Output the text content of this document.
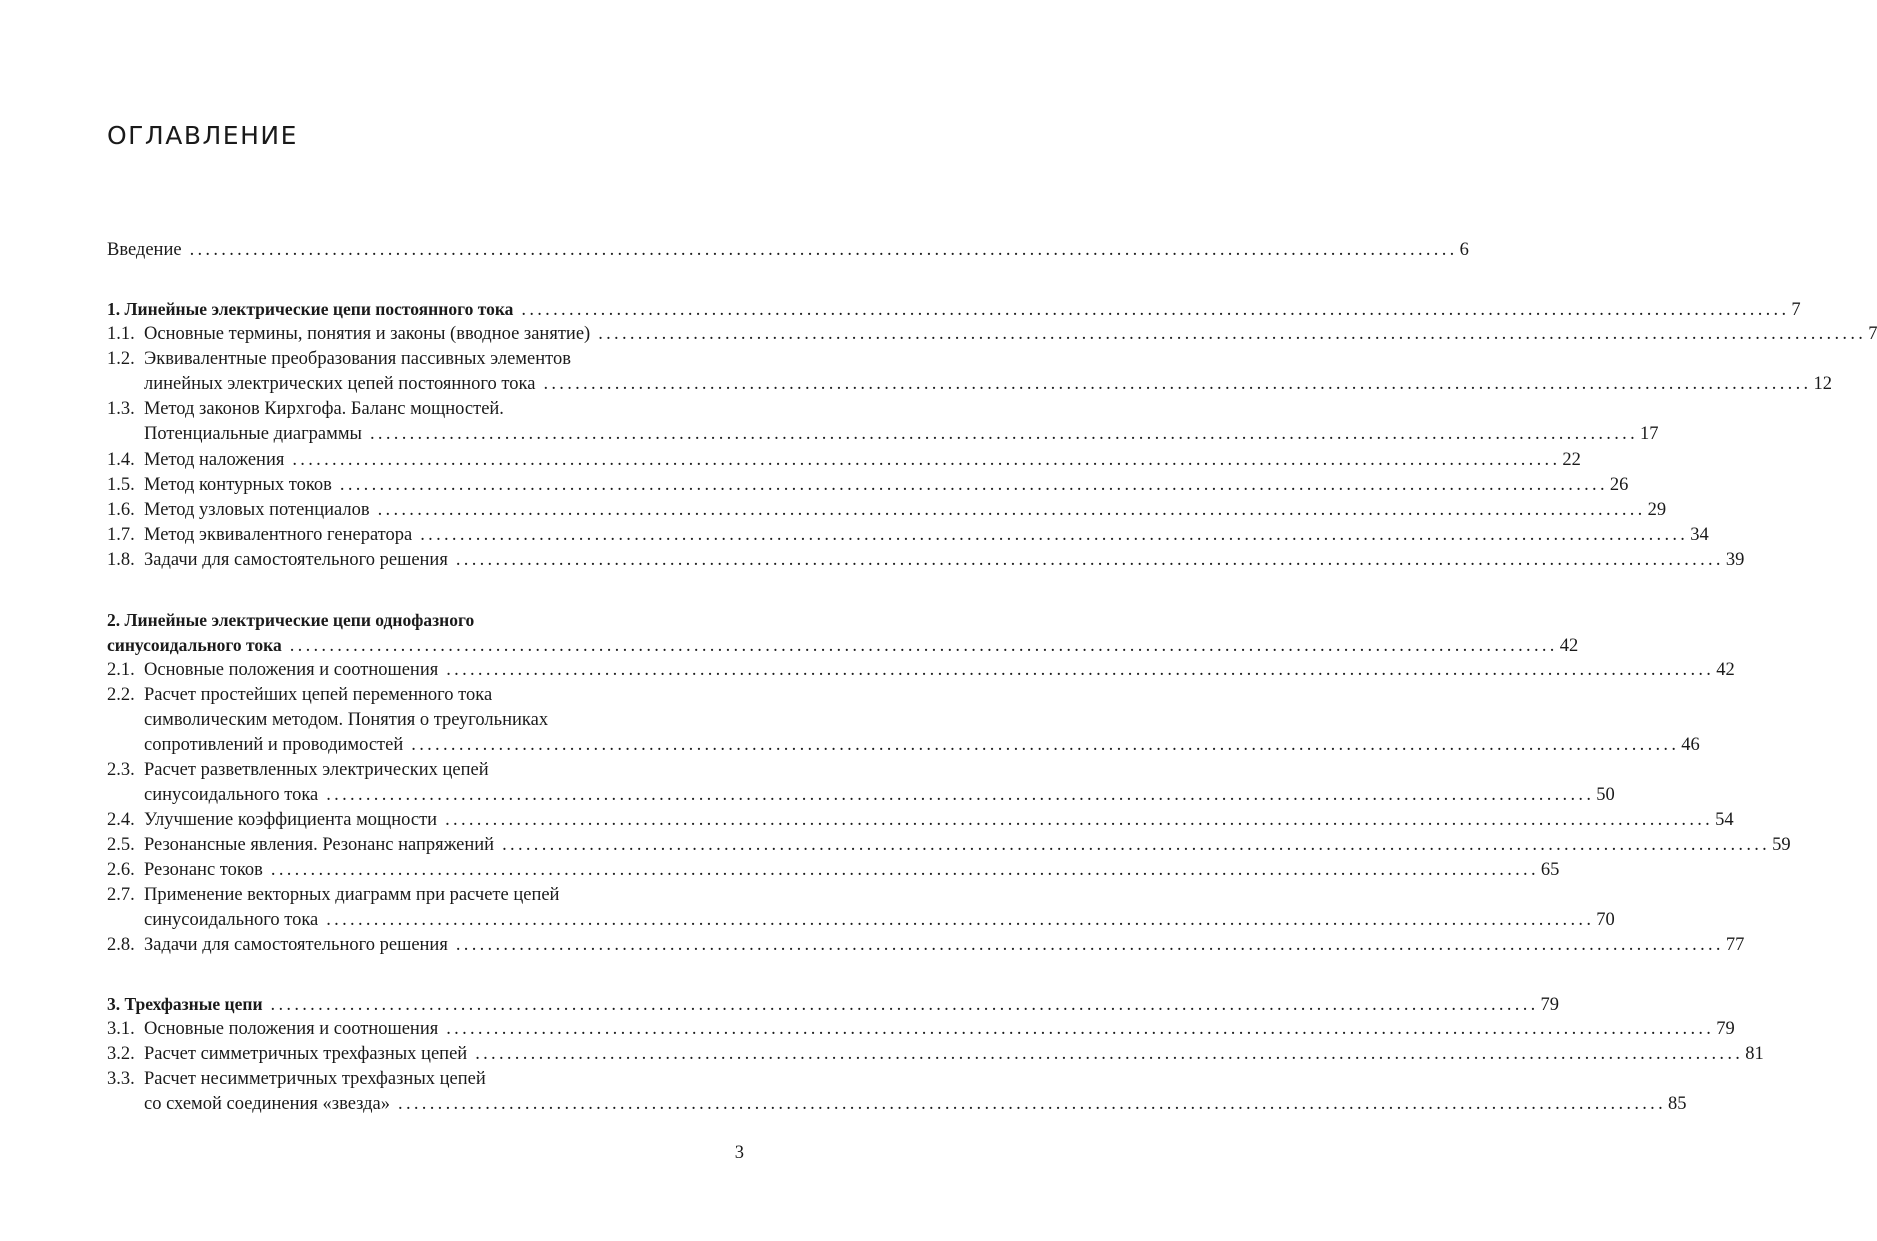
ОГЛАВЛЕНИЕ
Введение ................................................................................................................................................................ 6
1. Линейные электрические цепи постоянного тока ................................................................................................................................................................ 7
1.1. Основные термины, понятия и законы (вводное занятие) ................................................................................................................................................................ 7
1.2. Эквивалентные преобразования пассивных элементов
линейных электрических цепей постоянного тока ................................................................................................................................................................ 12
1.3. Метод законов Кирхгофа. Баланс мощностей.
Потенциальные диаграммы ................................................................................................................................................................ 17
1.4. Метод наложения ................................................................................................................................................................ 22
1.5. Метод контурных токов ................................................................................................................................................................ 26
1.6. Метод узловых потенциалов ................................................................................................................................................................ 29
1.7. Метод эквивалентного генератора ................................................................................................................................................................ 34
1.8. Задачи для самостоятельного решения ................................................................................................................................................................ 39
2. Линейные электрические цепи однофазного
синусоидального тока ................................................................................................................................................................ 42
2.1. Основные положения и соотношения ................................................................................................................................................................ 42
2.2. Расчет простейших цепей переменного тока
символическим методом. Понятия о треугольниках
сопротивлений и проводимостей ................................................................................................................................................................ 46
2.3. Расчет разветвленных электрических цепей
синусоидального тока ................................................................................................................................................................ 50
2.4. Улучшение коэффициента мощности ................................................................................................................................................................ 54
2.5. Резонансные явления. Резонанс напряжений ................................................................................................................................................................ 59
2.6. Резонанс токов ................................................................................................................................................................ 65
2.7. Применение векторных диаграмм при расчете цепей
синусоидального тока ................................................................................................................................................................ 70
2.8. Задачи для самостоятельного решения ................................................................................................................................................................ 77
3. Трехфазные цепи ................................................................................................................................................................ 79
3.1. Основные положения и соотношения ................................................................................................................................................................ 79
3.2. Расчет симметричных трехфазных цепей ................................................................................................................................................................ 81
3.3. Расчет несимметричных трехфазных цепей
со схемой соединения «звезда» ................................................................................................................................................................ 85
3
